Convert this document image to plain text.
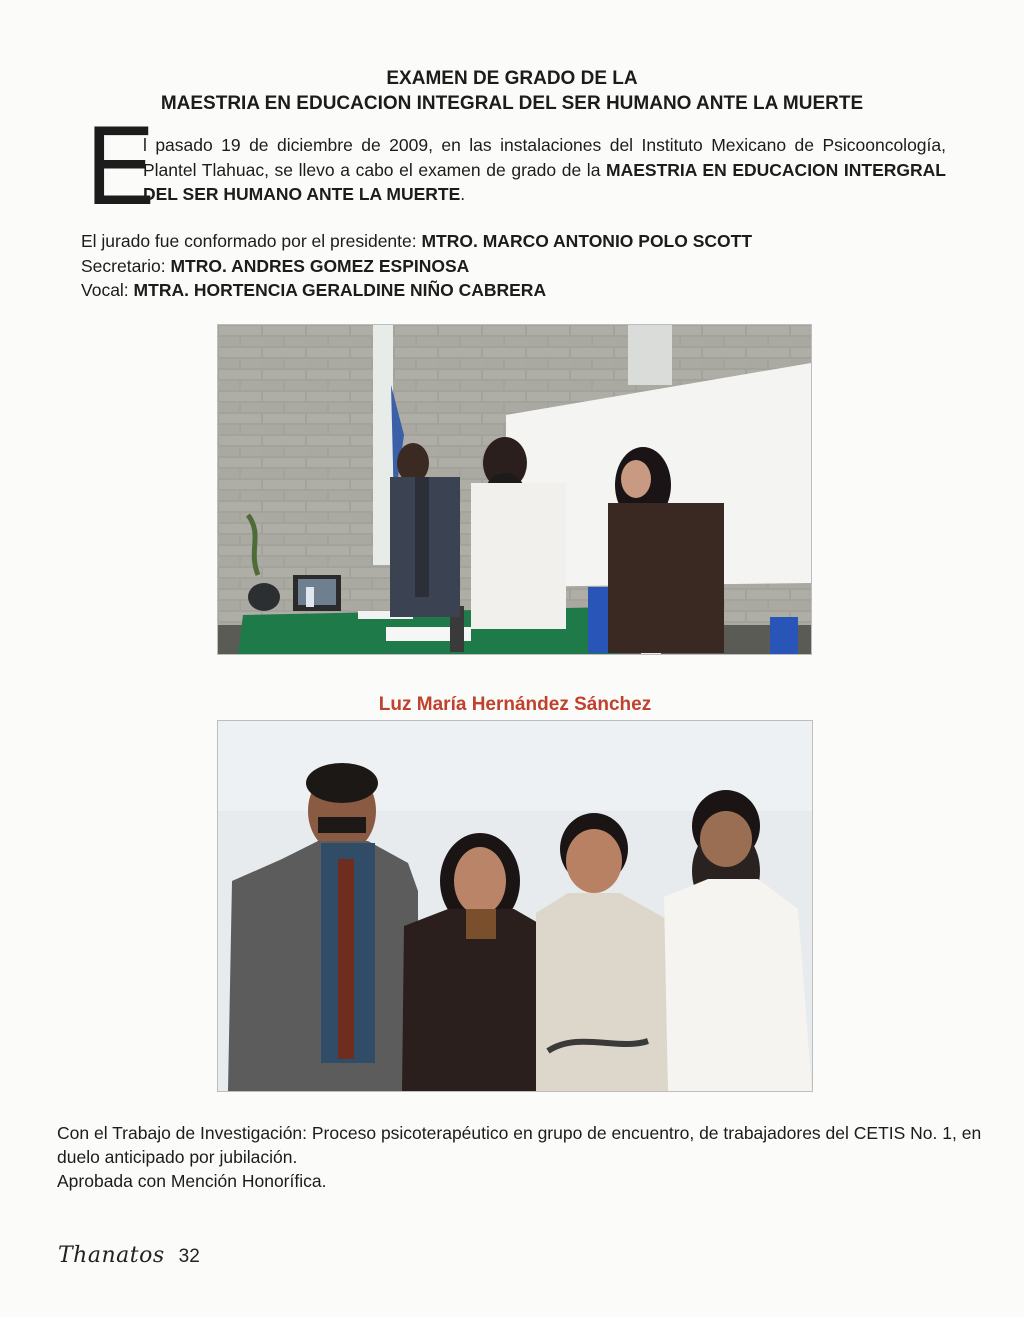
EXAMEN DE GRADO DE LA
MAESTRIA EN EDUCACION INTEGRAL DEL SER HUMANO ANTE LA MUERTE
E
l pasado 19 de diciembre de 2009, en las instalaciones del Instituto Mexicano de Psicooncología, Plantel Tlahuac, se llevo a cabo el examen de grado de la MAESTRIA EN EDUCACION INTERGRAL DEL SER HUMANO ANTE LA MUERTE.
El jurado fue conformado por el presidente: MTRO. MARCO ANTONIO POLO SCOTT
Secretario: MTRO. ANDRES GOMEZ ESPINOSA
Vocal: MTRA. HORTENCIA GERALDINE NIÑO CABRERA
Luz María Hernández Sánchez
Con el Trabajo de Investigación: Proceso psicoterapéutico en grupo de encuentro, de trabajadores del CETIS No. 1, en duelo anticipado por jubilación.
Aprobada con Mención Honorífica.
Thanatos 32
